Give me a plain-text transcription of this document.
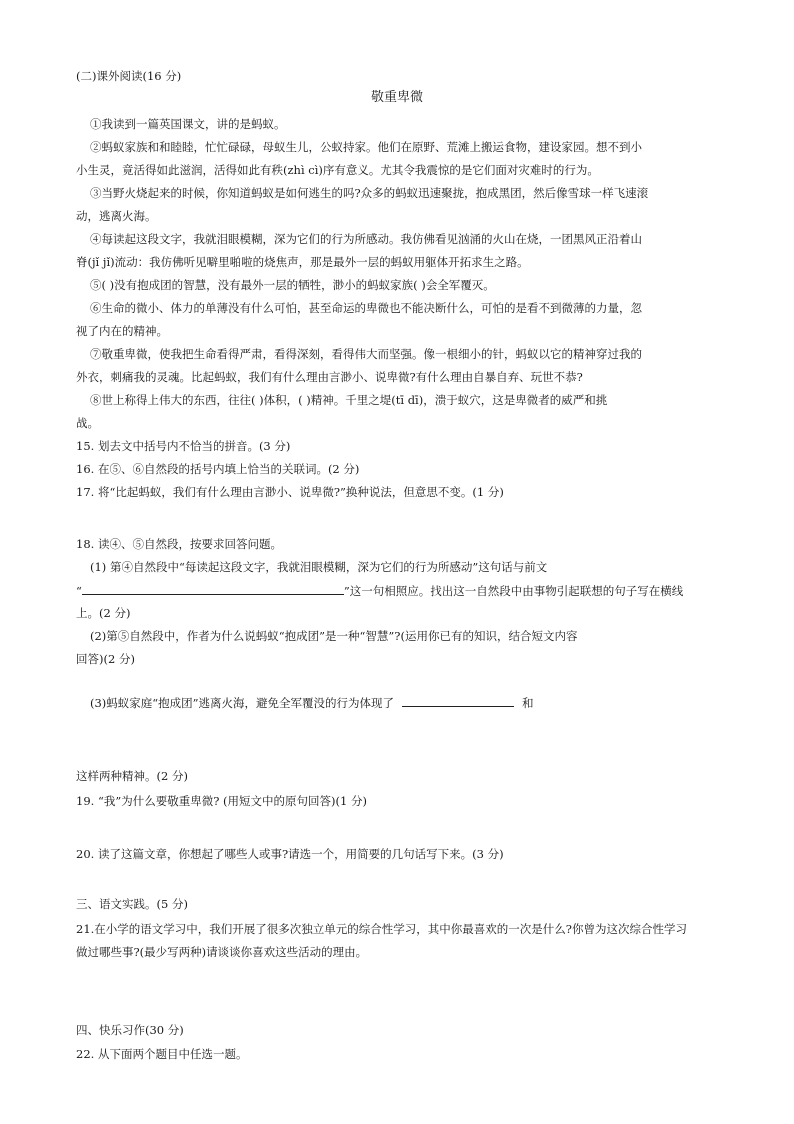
(二)课外阅读(16 分)
敬重卑微
①我读到一篇英国课文，讲的是蚂蚁。
②蚂蚁家族和和睦睦，忙忙碌碌，母蚁生儿，公蚁持家。他们在原野、荒滩上搬运食物，建设家园。想不到小
小生灵，竟活得如此滋润，活得如此有秩(zhì cì)序有意义。尤其令我震惊的是它们面对灾难时的行为。
③当野火烧起来的时候，你知道蚂蚁是如何逃生的吗?众多的蚂蚁迅速聚拢，抱成黑团，然后像雪球一样飞速滚
动，逃离火海。
④每读起这段文字，我就泪眼模糊，深为它们的行为所感动。我仿佛看见汹涌的火山在烧，一团黑风正沿着山
脊(jǐ jǐ)流动：我仿佛听见噼里啪啦的烧焦声，那是最外一层的蚂蚁用躯体开拓求生之路。
⑤( )没有抱成团的智慧，没有最外一层的牺牲，渺小的蚂蚁家族( )会全军覆灭。
⑥生命的微小、体力的单薄没有什么可怕，甚至命运的卑微也不能决断什么，可怕的是看不到微薄的力量，忽
视了内在的精神。
⑦敬重卑微，使我把生命看得严肃，看得深刻，看得伟大而坚强。像一根细小的针，蚂蚁以它的精神穿过我的
外衣，刺痛我的灵魂。比起蚂蚁，我们有什么理由言渺小、说卑微?有什么理由自暴自弃、玩世不恭?
⑧世上称得上伟大的东西，往往( )体积，( )精神。千里之堤(tī dī)，溃于蚁穴，这是卑微者的威严和挑
战。
15. 划去文中括号内不恰当的拼音。(3 分)
16. 在⑤、⑥自然段的括号内填上恰当的关联词。(2 分)
17. 将“比起蚂蚁，我们有什么理由言渺小、说卑微?”换种说法，但意思不变。(1 分)
18. 读④、⑤自然段，按要求回答问题。
(1) 第④自然段中“每读起这段文字，我就泪眼模糊，深为它们的行为所感动”这句话与前文
“	”这一句相照应。找出这一自然段中由事物引起联想的句子写在横线
上。(2 分)
(2)第⑤自然段中，作者为什么说蚂蚁“抱成团”是一种“智慧”?(运用你已有的知识，结合短文内容
回答)(2 分)
(3)蚂蚁家庭“抱成团”逃离火海，避免全军覆没的行为体现了	和
这样两种精神。(2 分)
19. “我”为什么要敬重卑微? (用短文中的原句回答)(1 分)
20. 读了这篇文章，你想起了哪些人或事?请选一个，用简要的几句话写下来。(3 分)
三、语文实践。(5 分)
21.在小学的语文学习中，我们开展了很多次独立单元的综合性学习，其中你最喜欢的一次是什么?你曾为这次综合性学习
做过哪些事?(最少写两种)请谈谈你喜欢这些活动的理由。
四、快乐习作(30 分)
22. 从下面两个题目中任选一题。
